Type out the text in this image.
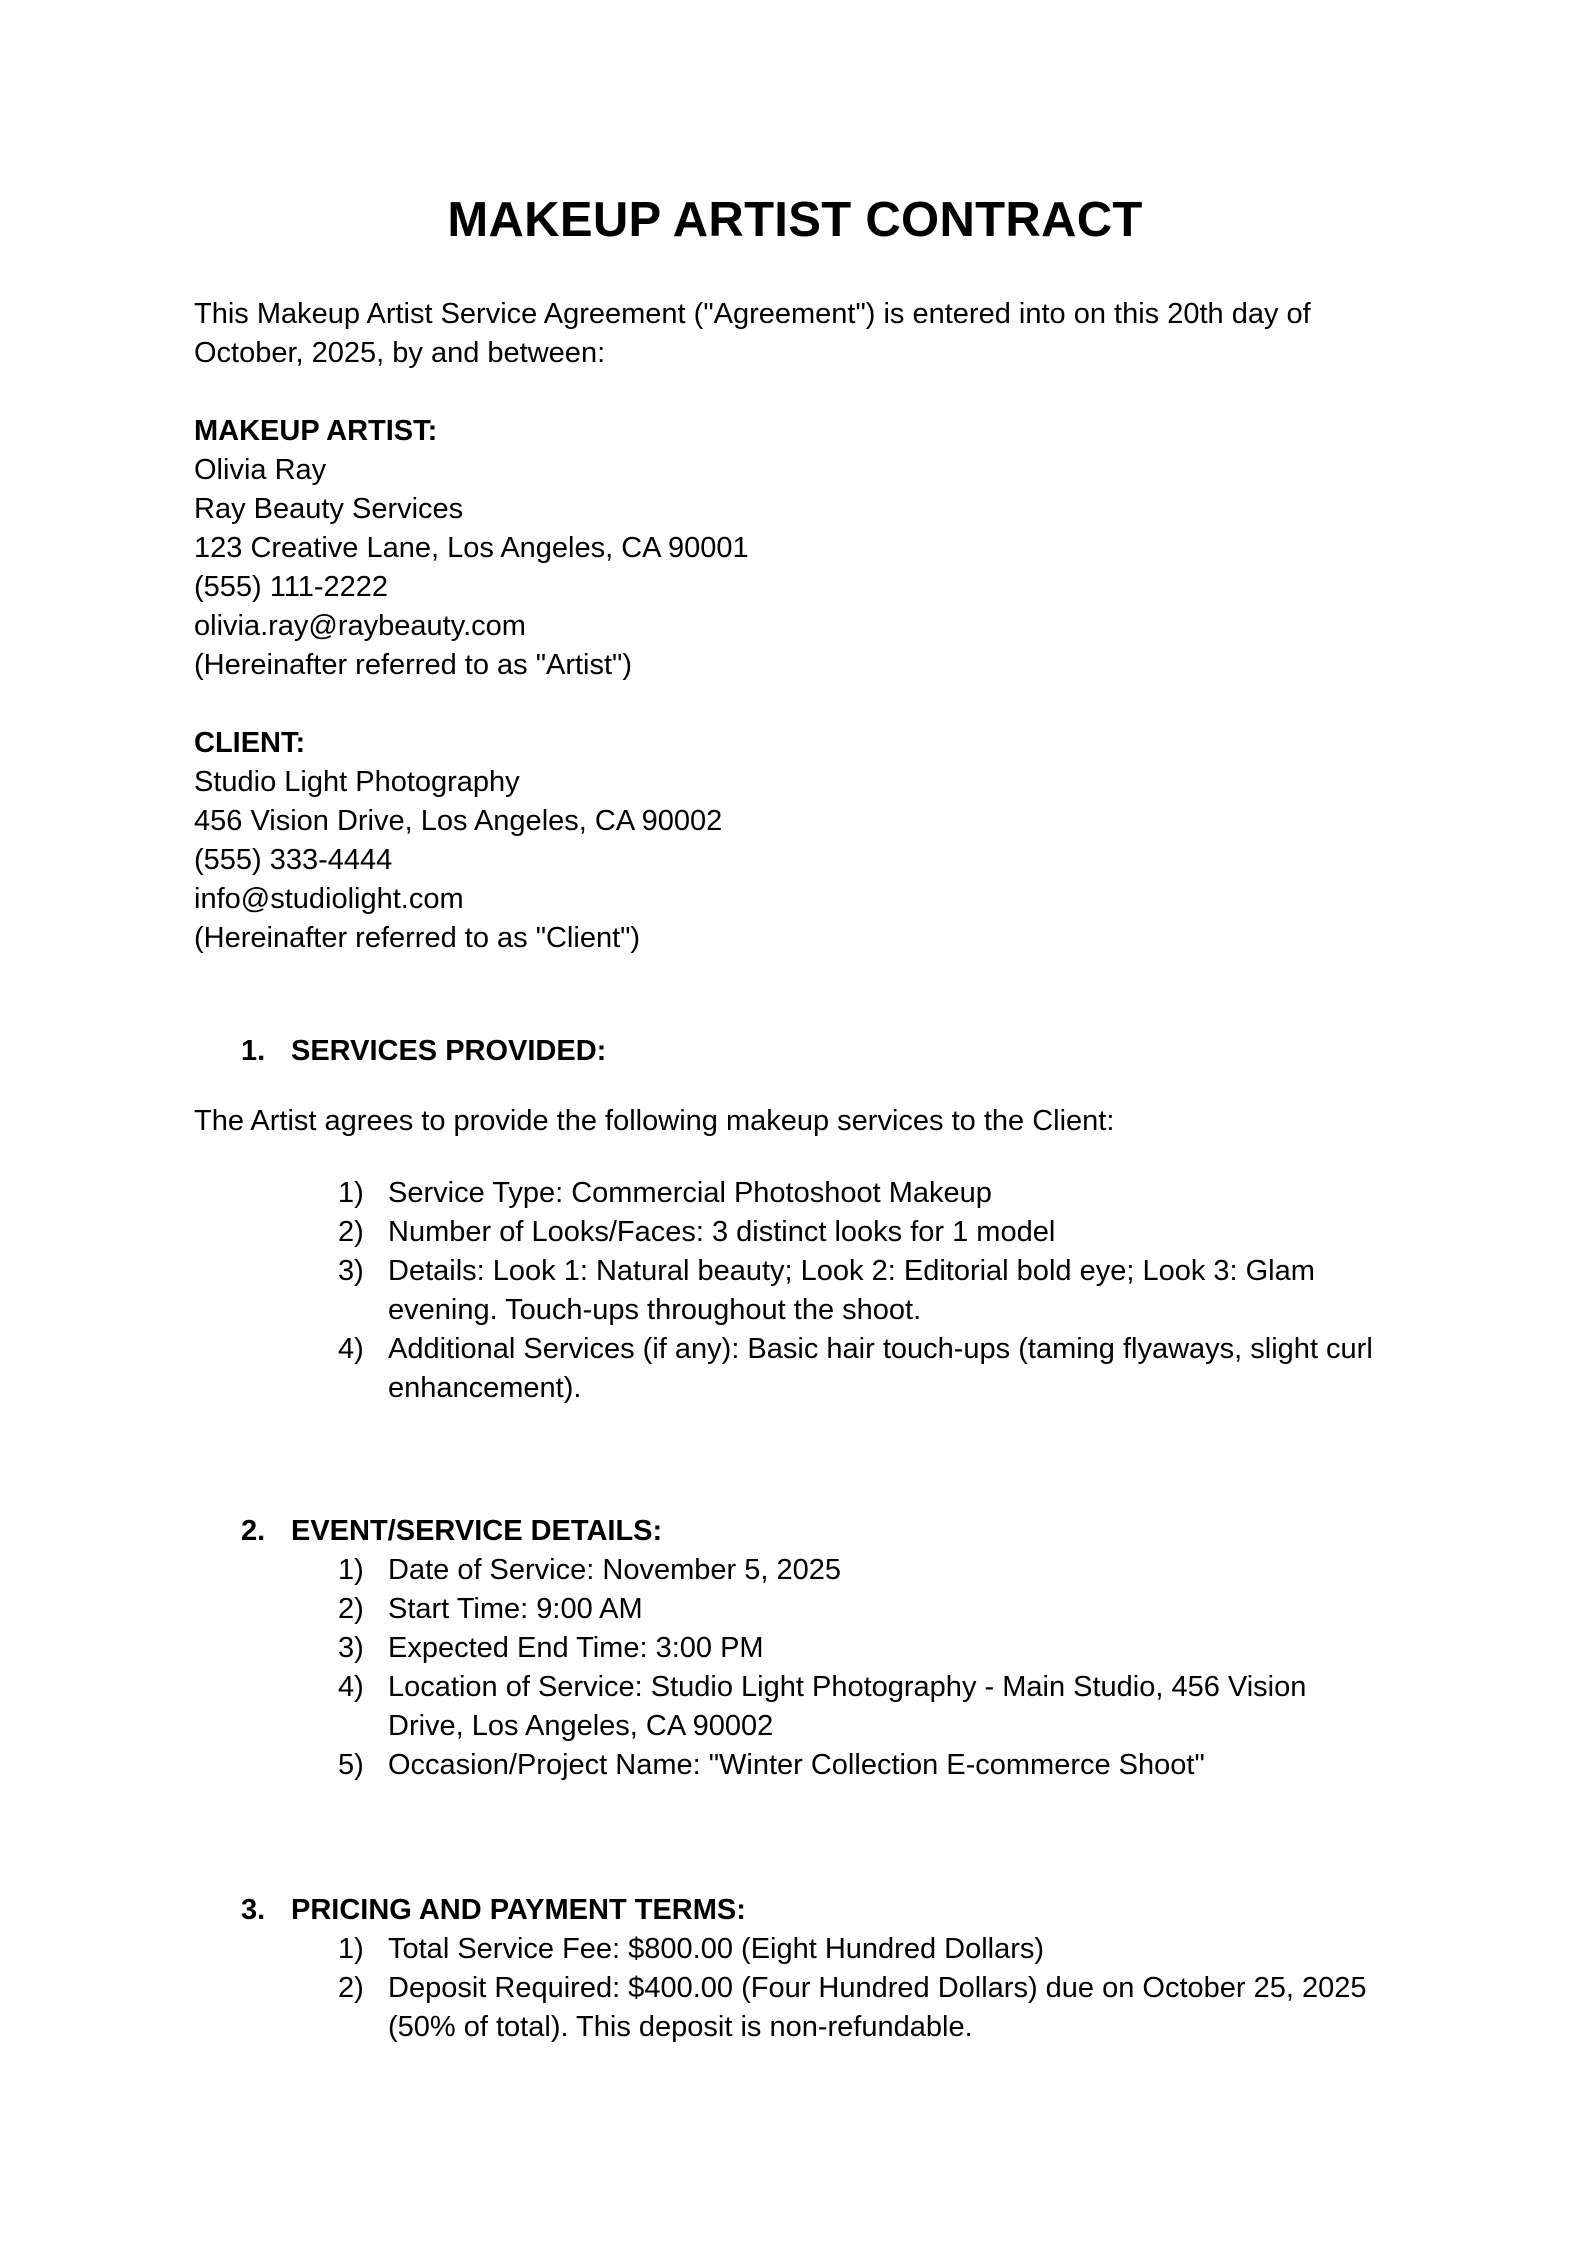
MAKEUP ARTIST CONTRACT

This Makeup Artist Service Agreement ("Agreement") is entered into on this 20th day of

October, 2025, by and between:

MAKEUP ARTIST:

Olivia Ray

Ray Beauty Services

123 Creative Lane, Los Angeles, CA 90001

(555) 111-2222

olivia.ray@raybeauty.com

(Hereinafter referred to as "Artist")

CLIENT:

Studio Light Photography

456 Vision Drive, Los Angeles, CA 90002

(555) 333-4444

info@studiolight.com

(Hereinafter referred to as "Client")

1. SERVICES PROVIDED:

The Artist agrees to provide the following makeup services to the Client:

1) Service Type: Commercial Photoshoot Makeup
2) Number of Looks/Faces: 3 distinct looks for 1 model
3) Details: Look 1: Natural beauty; Look 2: Editorial bold eye; Look 3: Glam
evening. Touch-ups throughout the shoot.
4) Additional Services (if any): Basic hair touch-ups (taming flyaways, slight curl
enhancement).
2. EVENT/SERVICE DETAILS:
1) Date of Service: November 5, 2025
2) Start Time: 9:00 AM
3) Expected End Time: 3:00 PM
4) Location of Service: Studio Light Photography - Main Studio, 456 Vision
Drive, Los Angeles, CA 90002
5) Occasion/Project Name: "Winter Collection E-commerce Shoot"
3. PRICING AND PAYMENT TERMS:
1) Total Service Fee: $800.00 (Eight Hundred Dollars)
2) Deposit Required: $400.00 (Four Hundred Dollars) due on October 25, 2025
(50% of total). This deposit is non-refundable.
